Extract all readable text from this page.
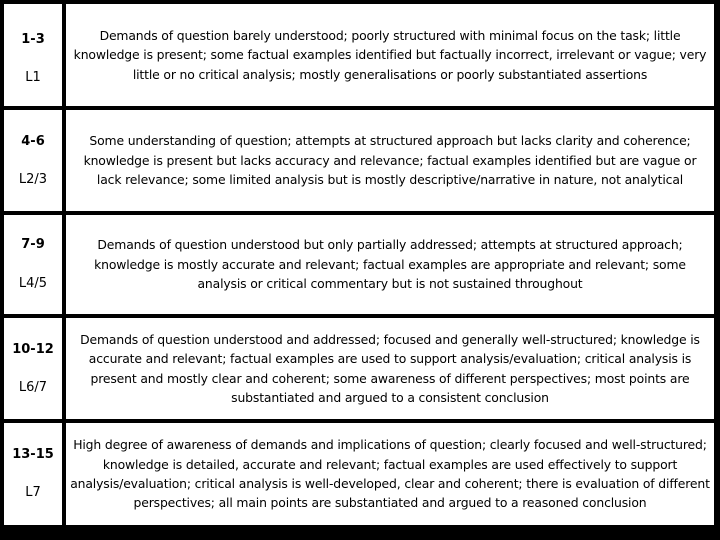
1-3
L1

Demands of question barely understood; poorly structured with minimal focus on the task; little knowledge is present; some factual examples identified but factually incorrect, irrelevant or vague; very little or no critical analysis; mostly generalisations or poorly substantiated assertions

4-6
L2/3

Some understanding of question; attempts at structured approach but lacks clarity and coherence; knowledge is present but lacks accuracy and relevance; factual examples identified but are vague or lack relevance; some limited analysis but is mostly descriptive/narrative in nature, not analytical

7-9
L4/5

Demands of question understood but only partially addressed; attempts at structured approach; knowledge is mostly accurate and relevant; factual examples are appropriate and relevant; some analysis or critical commentary but is not sustained throughout

10-12
L6/7

Demands of question understood and addressed; focused and generally well-structured; knowledge is accurate and relevant; factual examples are used to support analysis/evaluation; critical analysis is present and mostly clear and coherent; some awareness of different perspectives; most points are substantiated and argued to a consistent conclusion

13-15
L7

High degree of awareness of demands and implications of question; clearly focused and well-structured; knowledge is detailed, accurate and relevant; factual examples are used effectively to support analysis/evaluation; critical analysis is well-developed, clear and coherent; there is evaluation of different perspectives; all main points are substantiated and argued to a reasoned conclusion
